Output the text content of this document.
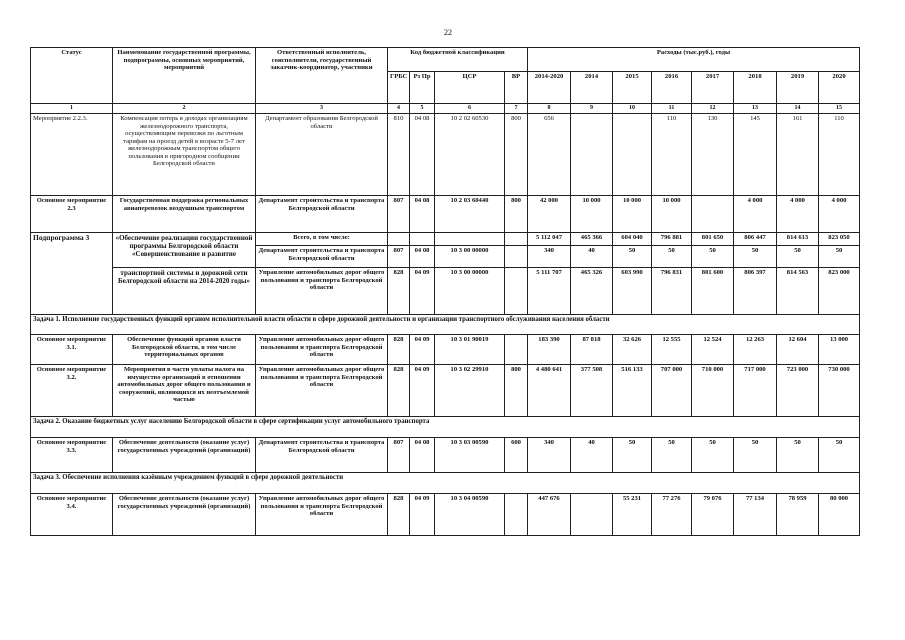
22
Статус	Наименование государственной программы, подпрограммы, основных мероприятий, мероприятий	Ответственный исполнитель, соисполнители, государственный заказчик-координатор, участники	Код бюджетной классификации				Расходы (тыс.руб.), годы							
			ГРБС	Рз Пр	ЦСР	ВР	2014-2020	2014	2015	2016	2017	2018	2019	2020
1	2	3	4	5	6	7	8	9	10	11	12	13	14	15
Мероприятие 2.2.3.	Компенсация потерь в доходах организациям железнодорожного транспорта, осуществляющим перевозки по льготным тарифам на проезд детей в возрасте 5-7 лет железнодорожным транспортом общего пользования в пригородном сообщении Белгородской области	Департамент образования Белгородской области	810	04 08	10 2 02 60530	800	656			110	130	145	161	110
Основное мероприятие 2.3	Государственная поддержка региональных авиаперевозок воздушным транспортом	Департамент строительства и транспорта Белгородской области	807	04 08	10 2 03 60440	800	42 000	10 000	10 000	10 000		4 000	4 000	4 000
Подпрограмма 3	«Обеспечение реализации государственной программы Белгородской области «Совершенствование и развитие	Всего, в том числе:					5 112 047	465 366	604 040	796 881	801 650	806 447	814 613	823 050
		Департамент строительства и транспорта Белгородской области	807	04 08	10 3 00 00000		340	40	50	50	50	50	50	50
	транспортной системы и дорожной сети Белгородской области на 2014-2020 годы»	Управление автомобильных дорог общего пользования и транспорта Белгородской области	828	04 09	10 3 00 00000		5 111 707	465 326	603 990	796 831	801 600	806 397	814 563	823 000
Задача 1. Исполнение государственных функций органом исполнительной власти области в сфере дорожной деятельности и организации транспортного обслуживания населения области														
Основное мероприятие 3.1.	Обеспечение функций органов власти Белгородской области, в том числе территориальных органов	Управление автомобильных дорог общего пользования и транспорта Белгородской области	828	04 09	10 3 01 90019		183 390	87 818	32 626	12 555	12 524	12 263	12 604	13 000
Основное мероприятие 3.2.	Мероприятия в части уплаты налога на имущество организаций в отношении автомобильных дорог общего пользования и сооружений, являющихся их неотъемлемой частью	Управление автомобильных дорог общего пользования и транспорта Белгородской области	828	04 09	10 3 02 29910	800	4 480 641	377 508	516 133	707 000	710 000	717 000	723 000	730 000
Задача 2. Оказание бюджетных услуг населению Белгородской области в сфере сертификации услуг автомобильного транспорта														
Основное мероприятие 3.3.	Обеспечение деятельности (оказание услуг) государственных учреждений (организаций)	Департамент строительства и транспорта Белгородской области	807	04 08	10 3 03 00590	600	340	40	50	50	50	50	50	50
Задача 3. Обеспечение исполнения казённым учреждением функций в сфере дорожной деятельности														
Основное мероприятие 3.4.	Обеспечение деятельности (оказание услуг) государственных учреждений (организаций)	Управление автомобильных дорог общего пользования и транспорта Белгородской области	828	04 09	10 3 04 00590		447 676		55 231	77 276	79 076	77 134	78 959	80 000
